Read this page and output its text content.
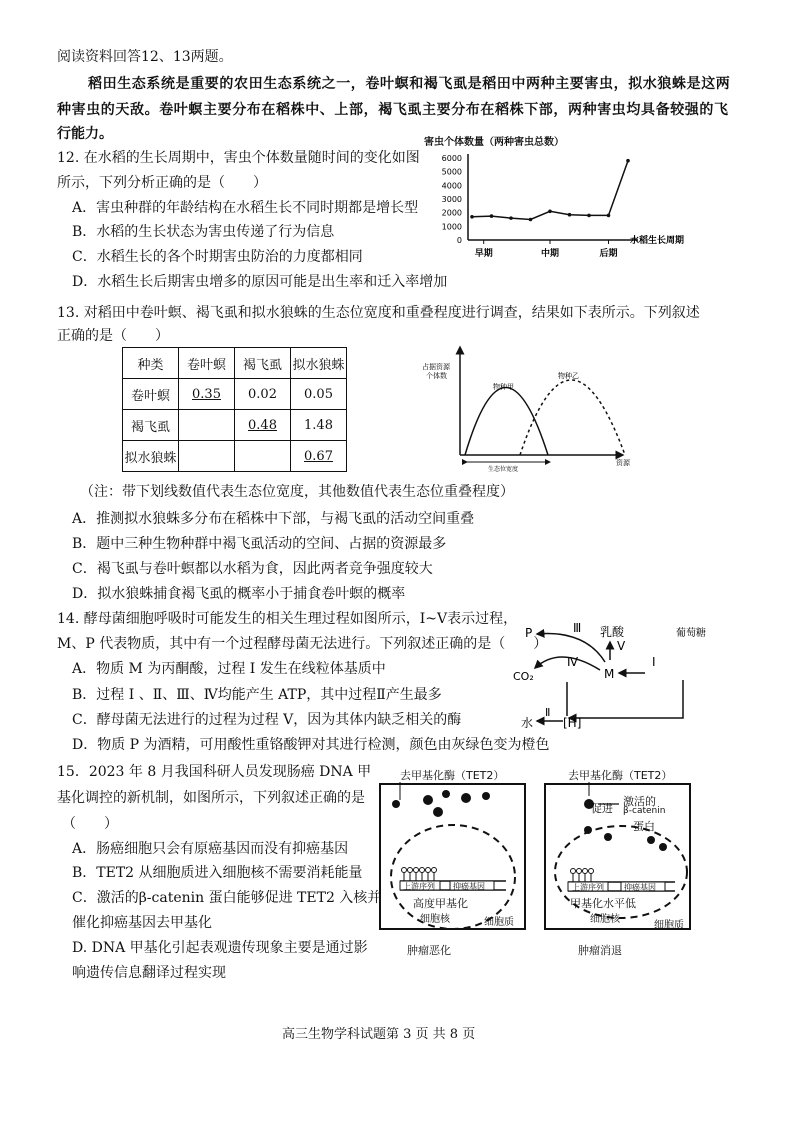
阅读资料回答12、13两题。
稻田生态系统是重要的农田生态系统之一，卷叶螟和褐飞虱是稻田中两种主要害虫，拟水狼蛛是这两
种害虫的天敌。卷叶螟主要分布在稻株中、上部，褐飞虱主要分布在稻株下部，两种害虫均具备较强的飞
行能力。
12. 在水稻的生长周期中，害虫个体数量随时间的变化如图
所示，下列分析正确的是（　　）
A．害虫种群的年龄结构在水稻生长不同时期都是增长型
B．水稻的生长状态为害虫传递了行为信息
C．水稻生长的各个时期害虫防治的力度都相同
D．水稻生长后期害虫增多的原因可能是出生率和迁入率增加
害虫个体数量（两种害虫总数）
0
1000
2000
3000
4000
5000
6000
早期	中期	后期
水稻生长周期
13. 对稻田中卷叶螟、褐飞虱和拟水狼蛛的生态位宽度和重叠程度进行调查，结果如下表所示。下列叙述
正确的是（　　）
种类	卷叶螟	褐飞虱	拟水狼蛛
卷叶螟	0.35	0.02	0.05
褐飞虱		0.48	1.48
拟水狼蛛			0.67
占据资源
个体数
物种甲
物种乙
生态位宽度
资源
（注：带下划线数值代表生态位宽度，其他数值代表生态位重叠程度）
A．推测拟水狼蛛多分布在稻株中下部，与褐飞虱的活动空间重叠
B．题中三种生物种群中褐飞虱活动的空间、占据的资源最多
C．褐飞虱与卷叶螟都以水稻为食，因此两者竞争强度较大
D．拟水狼蛛捕食褐飞虱的概率小于捕食卷叶螟的概率
14. 酵母菌细胞呼吸时可能发生的相关生理过程如图所示，I~V表示过程，
M、P 代表物质，其中有一个过程酵母菌无法进行。下列叙述正确的是（　　）
A．物质 M 为丙酮酸，过程 I 发生在线粒体基质中
B．过程 I 、Ⅱ、Ⅲ、Ⅳ均能产生 ATP，其中过程Ⅱ产生最多
C．酵母菌无法进行的过程为过程 V，因为其体内缺乏相关的酶
D．物质 P 为酒精，可用酸性重铬酸钾对其进行检测，颜色由灰绿色变为橙色
乳酸
P	Ⅲ
V
Ⅳ
CO₂	M
I
葡萄糖
Ⅱ
水 [H]
15．2023 年 8 月我国科研人员发现肠癌 DNA 甲
基化调控的新机制，如图所示，下列叙述正确的是
（　　）
A．肠癌细胞只会有原癌基因而没有抑癌基因
B．TET2 从细胞质进入细胞核不需要消耗能量
C．激活的β-catenin 蛋白能够促进 TET2 入核并
催化抑癌基因去甲基化
D. DNA 甲基化引起表观遗传现象主要是通过影
响遗传信息翻译过程实现
去甲基化酶（TET2）
上游序列 抑癌基因
高度甲基化
细胞核	细胞质
肿瘤恶化
去甲基化酶（TET2）
促进
激活的
β-catenin
蛋白
上游序列	抑癌基因
甲基化水平低
细胞核
细胞质
肿瘤消退
高三生物学科试题第 3 页 共 8 页
